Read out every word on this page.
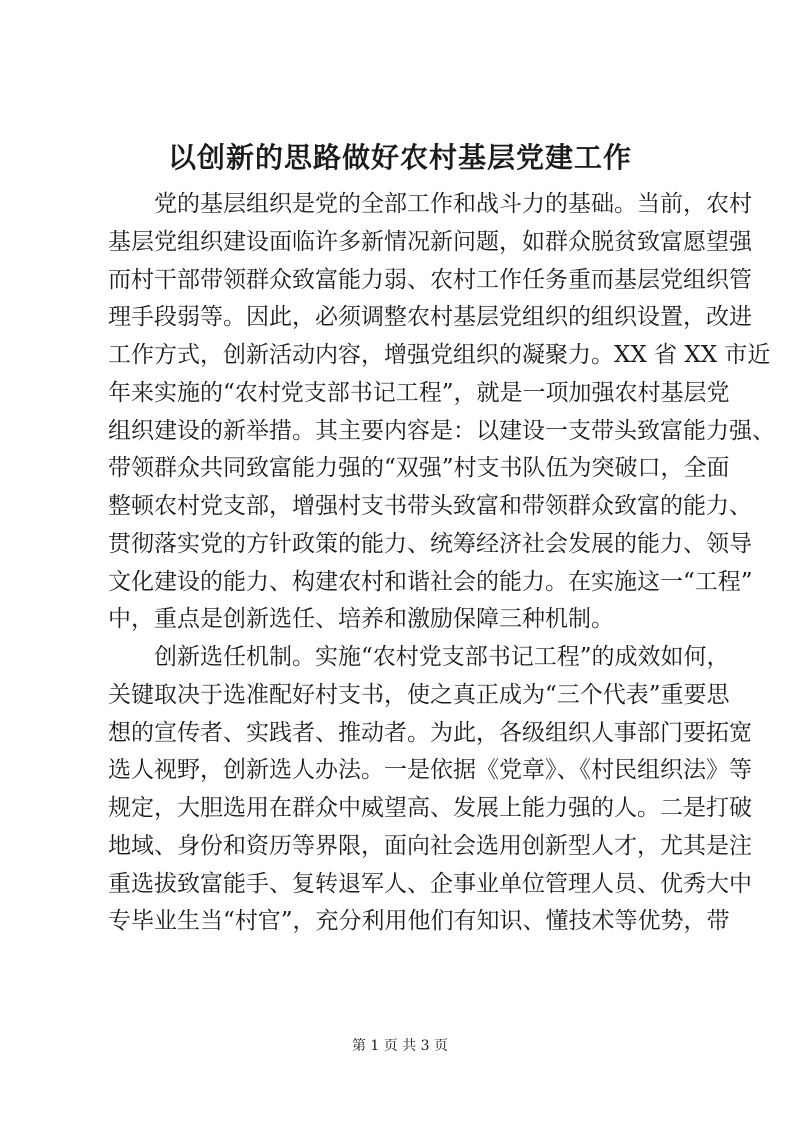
以创新的思路做好农村基层党建工作
党的基层组织是党的全部工作和战斗力的基础。当前，农村
基层党组织建设面临许多新情况新问题，如群众脱贫致富愿望强
而村干部带领群众致富能力弱、农村工作任务重而基层党组织管
理手段弱等。因此，必须调整农村基层党组织的组织设置，改进
工作方式，创新活动内容，增强党组织的凝聚力。XX 省 XX 市近
年来实施的“农村党支部书记工程”，就是一项加强农村基层党
组织建设的新举措。其主要内容是：以建设一支带头致富能力强、
带领群众共同致富能力强的“双强”村支书队伍为突破口，全面
整顿农村党支部，增强村支书带头致富和带领群众致富的能力、
贯彻落实党的方针政策的能力、统筹经济社会发展的能力、领导
文化建设的能力、构建农村和谐社会的能力。在实施这一“工程”
中，重点是创新选任、培养和激励保障三种机制。
创新选任机制。实施“农村党支部书记工程”的成效如何，
关键取决于选准配好村支书，使之真正成为“三个代表”重要思
想的宣传者、实践者、推动者。为此，各级组织人事部门要拓宽
选人视野，创新选人办法。一是依据《党章》、《村民组织法》等
规定，大胆选用在群众中威望高、发展上能力强的人。二是打破
地域、身份和资历等界限，面向社会选用创新型人才，尤其是注
重选拔致富能手、复转退军人、企事业单位管理人员、优秀大中
专毕业生当“村官”，充分利用他们有知识、懂技术等优势，带
第 1 页 共 3 页
